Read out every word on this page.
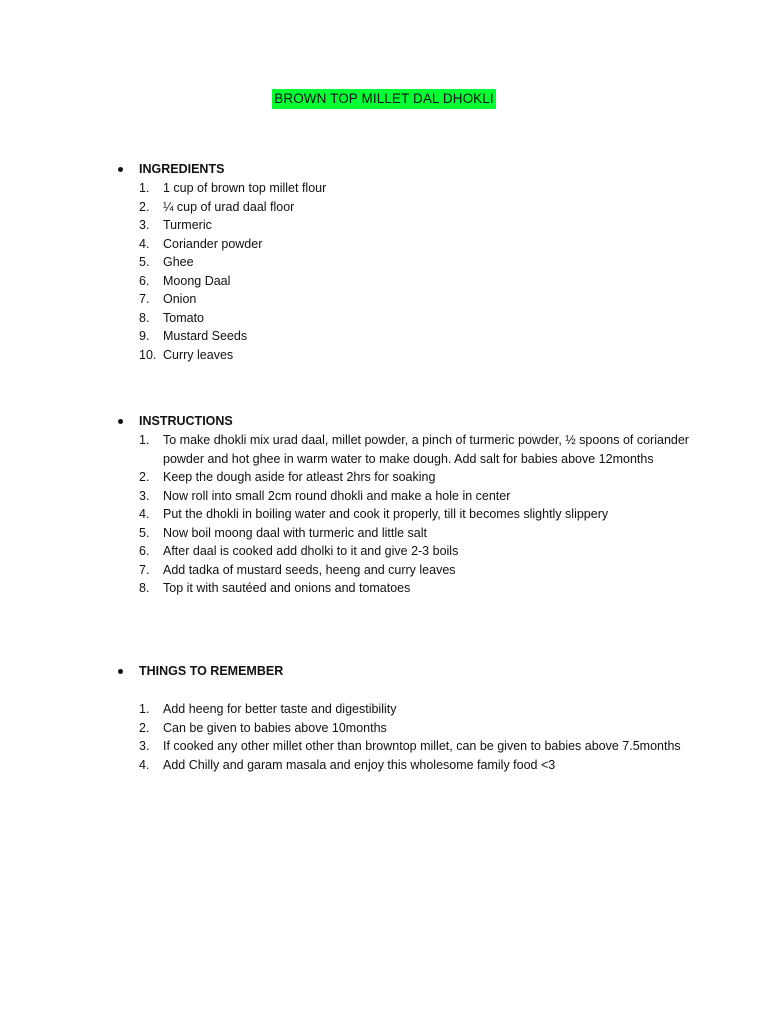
BROWN TOP MILLET DAL DHOKLI
INGREDIENTS
1. 1 cup of brown top millet flour
2. ¼ cup of urad daal floor
3. Turmeric
4. Coriander powder
5. Ghee
6. Moong Daal
7. Onion
8. Tomato
9. Mustard Seeds
10. Curry leaves
INSTRUCTIONS
1. To make dhokli mix urad daal, millet powder, a pinch of turmeric powder, ½ spoons of coriander powder and hot ghee in warm water to make dough. Add salt for babies above 12months
2. Keep the dough aside for atleast 2hrs for soaking
3. Now roll into small 2cm round dhokli and make a hole in center
4. Put the dhokli in boiling water and cook it properly, till it becomes slightly slippery
5. Now boil moong daal with turmeric and little salt
6. After daal is cooked add dholki to it and give 2-3 boils
7. Add tadka of mustard seeds, heeng and curry leaves
8. Top it with sautéed and onions and tomatoes
THINGS TO REMEMBER
1. Add heeng for better taste and digestibility
2. Can be given to babies above 10months
3. If cooked any other millet other than browntop millet, can be given to babies above 7.5months
4. Add Chilly and garam masala and enjoy this wholesome family food <3
